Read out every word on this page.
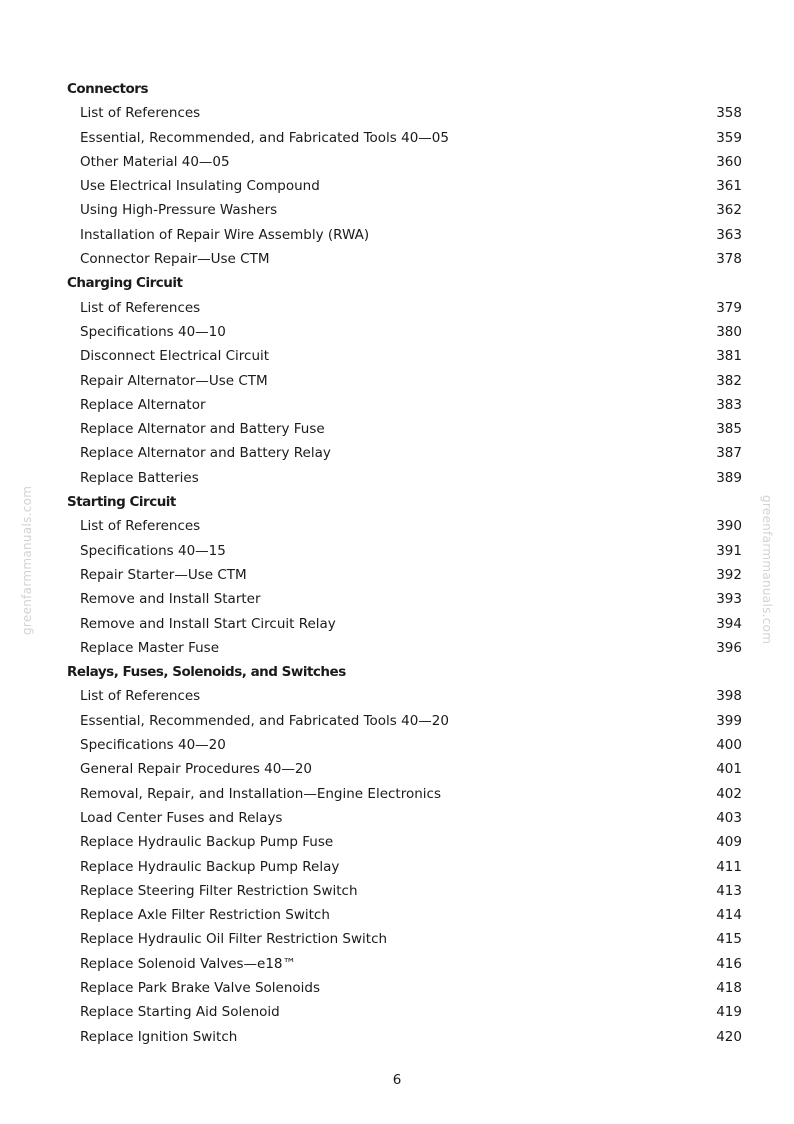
Connectors
List of References	358
Essential, Recommended, and Fabricated Tools 40—05	359
Other Material 40—05	360
Use Electrical Insulating Compound	361
Using High-Pressure Washers	362
Installation of Repair Wire Assembly (RWA)	363
Connector Repair—Use CTM	378
Charging Circuit
List of References	379
Specifications 40—10	380
Disconnect Electrical Circuit	381
Repair Alternator—Use CTM	382
Replace Alternator	383
Replace Alternator and Battery Fuse	385
Replace Alternator and Battery Relay	387
Replace Batteries	389
Starting Circuit
List of References	390
Specifications 40—15	391
Repair Starter—Use CTM	392
Remove and Install Starter	393
Remove and Install Start Circuit Relay	394
Replace Master Fuse	396
Relays, Fuses, Solenoids, and Switches
List of References	398
Essential, Recommended, and Fabricated Tools 40—20	399
Specifications 40—20	400
General Repair Procedures 40—20	401
Removal, Repair, and Installation—Engine Electronics	402
Load Center Fuses and Relays	403
Replace Hydraulic Backup Pump Fuse	409
Replace Hydraulic Backup Pump Relay	411
Replace Steering Filter Restriction Switch	413
Replace Axle Filter Restriction Switch	414
Replace Hydraulic Oil Filter Restriction Switch	415
Replace Solenoid Valves—e18™	416
Replace Park Brake Valve Solenoids	418
Replace Starting Aid Solenoid	419
Replace Ignition Switch	420
6
greenfarmmanuals.com	greenfarmmanuals.com
